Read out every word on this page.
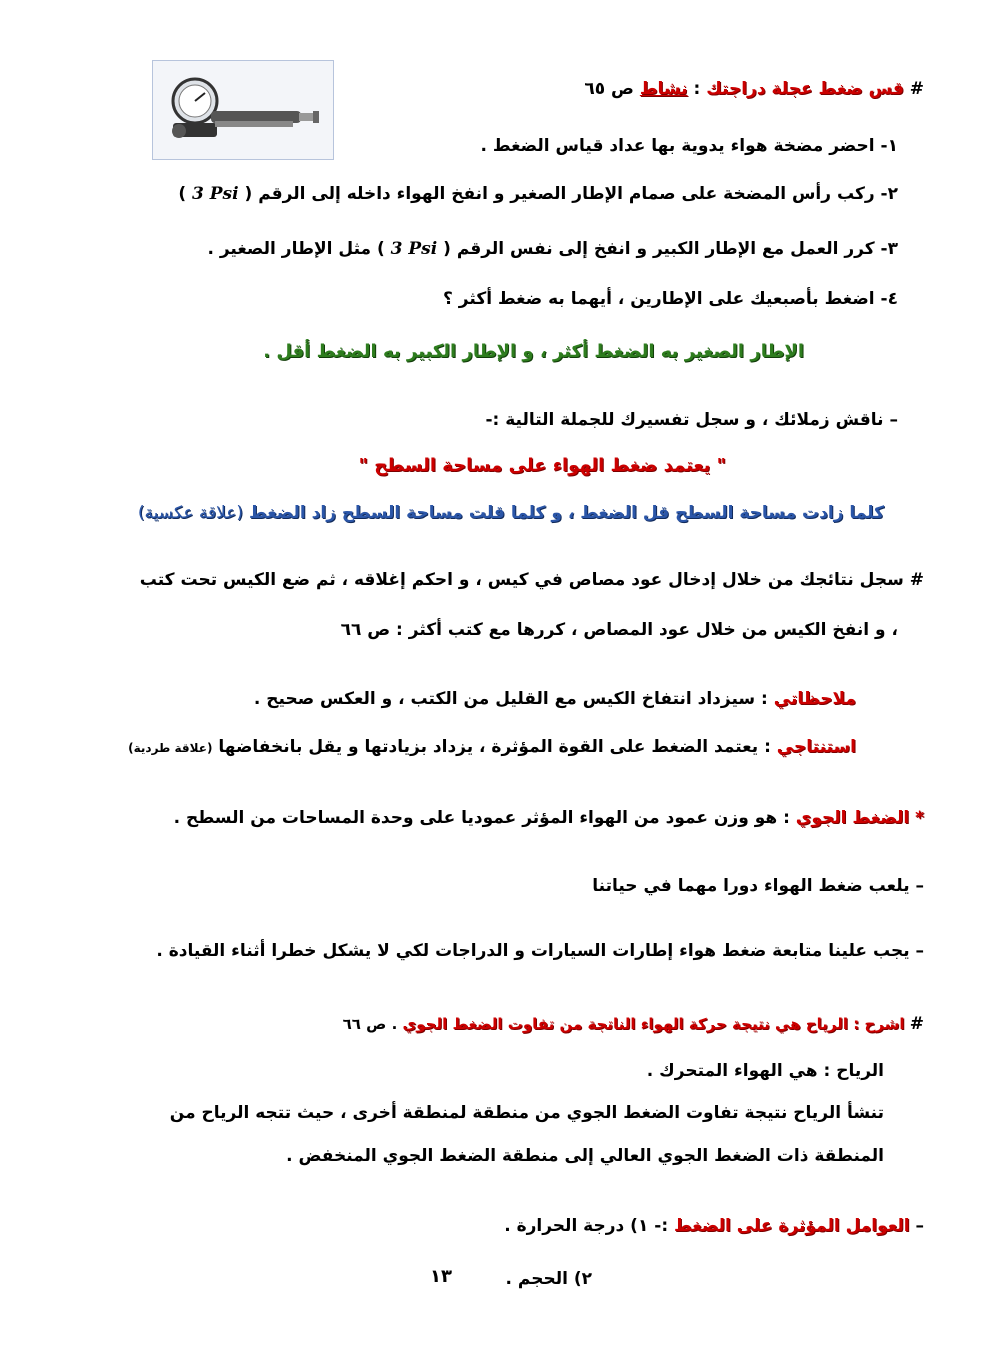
# قس ضغط عجلة دراجتك : نشاط ص ٦٥
١- احضر مضخة هواء يدوية بها عداد قياس الضغط .
٢- ركب رأس المضخة على صمام الإطار الصغير و انفخ الهواء داخله إلى الرقم ( 3 Psi )
٣- كرر العمل مع الإطار الكبير و انفخ إلى نفس الرقم ( 3 Psi ) مثل الإطار الصغير .
٤- اضغط بأصبعيك على الإطارين ، أيهما به ضغط أكثر ؟
الإطار الصغير به الضغط أكثر ، و الإطار الكبير به الضغط أقل .
– ناقش زملائك ، و سجل تفسيرك للجملة التالية :-
" يعتمد ضغط الهواء على مساحة السطح "
كلما زادت مساحة السطح قل الضغط ، و كلما قلت مساحة السطح زاد الضغط (علاقة عكسية)
# سجل نتائجك من خلال إدخال عود مصاص في كيس ، و احكم إغلاقه ، ثم ضع الكيس تحت كتب
، و انفخ الكيس من خلال عود المصاص ، كررها مع كتب أكثر : ص ٦٦
ملاحظاتي : سيزداد انتفاخ الكيس مع القليل من الكتب ، و العكس صحيح .
استنتاجي : يعتمد الضغط على القوة المؤثرة ، يزداد بزيادتها و يقل بانخفاضها (علاقة طردية)
* الضغط الجوي : هو وزن عمود من الهواء المؤثر عموديا على وحدة المساحات من السطح .
– يلعب ضغط الهواء دورا مهما في حياتنا
– يجب علينا متابعة ضغط هواء إطارات السيارات و الدراجات لكي لا يشكل خطرا أثناء القيادة .
# اشرح : الرياح هي نتيجة حركة الهواء الناتجة من تفاوت الضغط الجوي . ص ٦٦
الرياح : هي الهواء المتحرك .
تنشأ الرياح نتيجة تفاوت الضغط الجوي من منطقة لمنطقة أخرى ، حيث تتجه الرياح من
المنطقة ذات الضغط الجوي العالي إلى منطقة الضغط الجوي المنخفض .
– العوامل المؤثرة على الضغط :- ١) درجة الحرارة .
٢) الحجم .
١٣
